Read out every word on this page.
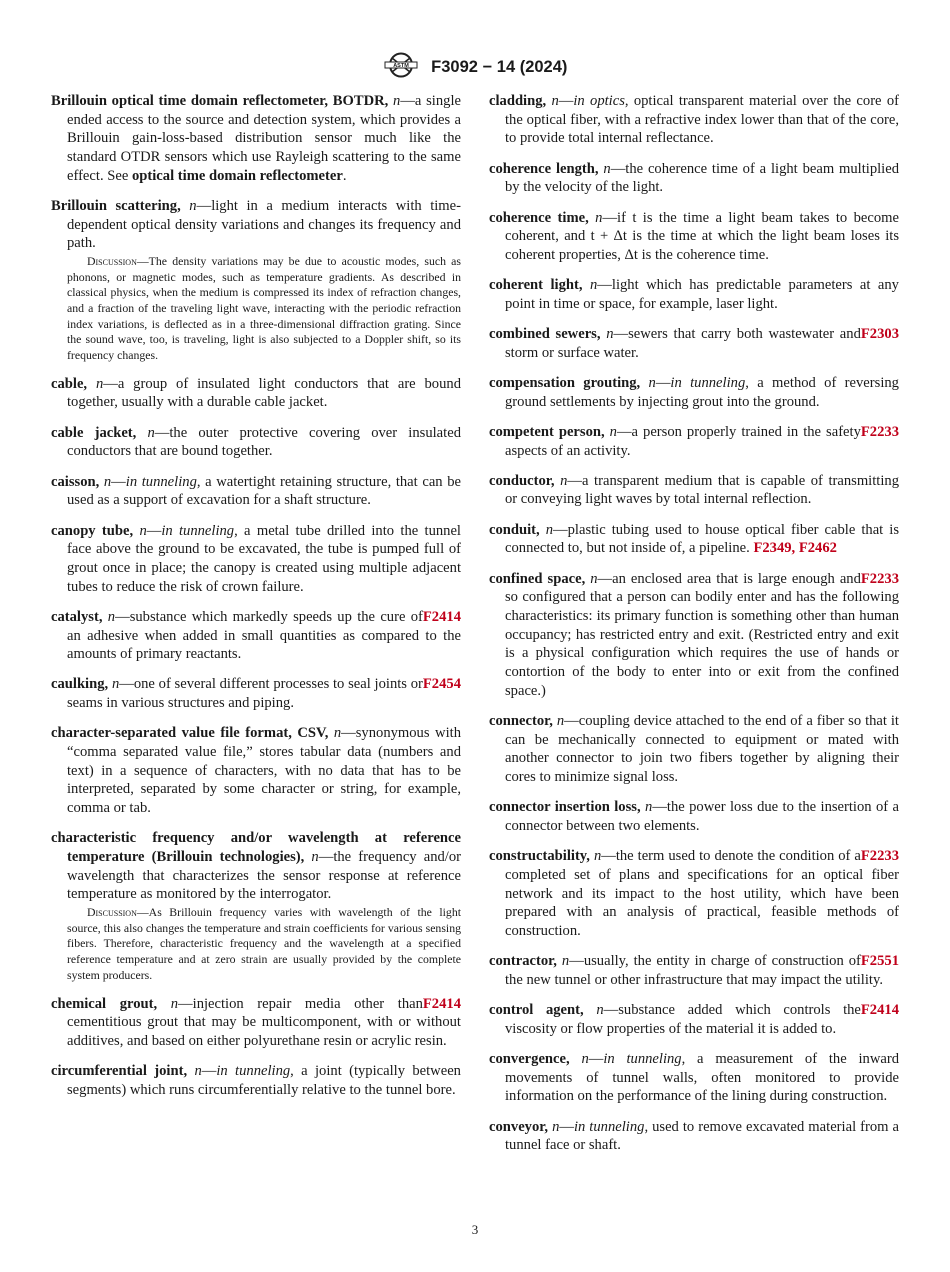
ASTM F3092 − 14 (2024)

Brillouin optical time domain reflectometer, BOTDR, n—a single ended access to the source and detection system, which provides a Brillouin gain-loss-based distribution sensor much like the standard OTDR sensors which use Rayleigh scattering to the same effect. See optical time domain reflectometer.

Brillouin scattering, n—light in a medium interacts with time-dependent optical density variations and changes its frequency and path.

Discussion—The density variations may be due to acoustic modes, such as phonons, or magnetic modes, such as temperature gradients. As described in classical physics, when the medium is compressed its index of refraction changes, and a fraction of the traveling light wave, interacting with the periodic refraction index variations, is deflected as in a three-dimensional diffraction grating. Since the sound wave, too, is traveling, light is also subjected to a Doppler shift, so its frequency changes.

cable, n—a group of insulated light conductors that are bound together, usually with a durable cable jacket.

cable jacket, n—the outer protective covering over insulated conductors that are bound together.

caisson, n—in tunneling, a watertight retaining structure, that can be used as a support of excavation for a shaft structure.

canopy tube, n—in tunneling, a metal tube drilled into the tunnel face above the ground to be excavated, the tube is pumped full of grout once in place; the canopy is created using multiple adjacent tubes to reduce the risk of crown failure.

F2414
catalyst, n—substance which markedly speeds up the cure of an adhesive when added in small quantities as compared to the amounts of primary reactants.

F2454
caulking, n—one of several different processes to seal joints or seams in various structures and piping.

character-separated value file format, CSV, n—synonymous with “comma separated value file,” stores tabular data (numbers and text) in a sequence of characters, with no data that has to be interpreted, separated by some character or string, for example, comma or tab.

characteristic frequency and/or wavelength at reference temperature (Brillouin technologies), n—the frequency and/or wavelength that characterizes the sensor response at reference temperature as monitored by the interrogator.

Discussion—As Brillouin frequency varies with wavelength of the light source, this also changes the temperature and strain coefficients for various sensing fibers. Therefore, characteristic frequency and the wavelength at a specified reference temperature and at zero strain are usually provided by the complete system producers.

F2414
chemical grout, n—injection repair media other than cementitious grout that may be multicomponent, with or without additives, and based on either polyurethane resin or acrylic resin.

circumferential joint, n—in tunneling, a joint (typically between segments) which runs circumferentially relative to the tunnel bore.

cladding, n—in optics, optical transparent material over the core of the optical fiber, with a refractive index lower than that of the core, to provide total internal reflectance.

coherence length, n—the coherence time of a light beam multiplied by the velocity of the light.

coherence time, n—if t is the time a light beam takes to become coherent, and t + Δt is the time at which the light beam loses its coherent properties, Δt is the coherence time.

coherent light, n—light which has predictable parameters at any point in time or space, for example, laser light.

F2303
combined sewers, n—sewers that carry both wastewater and storm or surface water.

compensation grouting, n—in tunneling, a method of reversing ground settlements by injecting grout into the ground.

F2233
competent person, n—a person properly trained in the safety aspects of an activity.

conductor, n—a transparent medium that is capable of transmitting or conveying light waves by total internal reflection.

conduit, n—plastic tubing used to house optical fiber cable that is connected to, but not inside of, a pipeline. F2349, F2462

F2233
confined space, n—an enclosed area that is large enough and so configured that a person can bodily enter and has the following characteristics: its primary function is something other than human occupancy; has restricted entry and exit. (Restricted entry and exit is a physical configuration which requires the use of hands or contortion of the body to enter into or exit from the confined space.)

connector, n—coupling device attached to the end of a fiber so that it can be mechanically connected to equipment or mated with another connector to join two fibers together by aligning their cores to minimize signal loss.

connector insertion loss, n—the power loss due to the insertion of a connector between two elements.

F2233
constructability, n—the term used to denote the condition of a completed set of plans and specifications for an optical fiber network and its impact to the host utility, which have been prepared with an analysis of practical, feasible methods of construction.

F2551
contractor, n—usually, the entity in charge of construction of the new tunnel or other infrastructure that may impact the utility.

F2414
control agent, n—substance added which controls the viscosity or flow properties of the material it is added to.

convergence, n—in tunneling, a measurement of the inward movements of tunnel walls, often monitored to provide information on the performance of the lining during construction.

conveyor, n—in tunneling, used to remove excavated material from a tunnel face or shaft.

3
